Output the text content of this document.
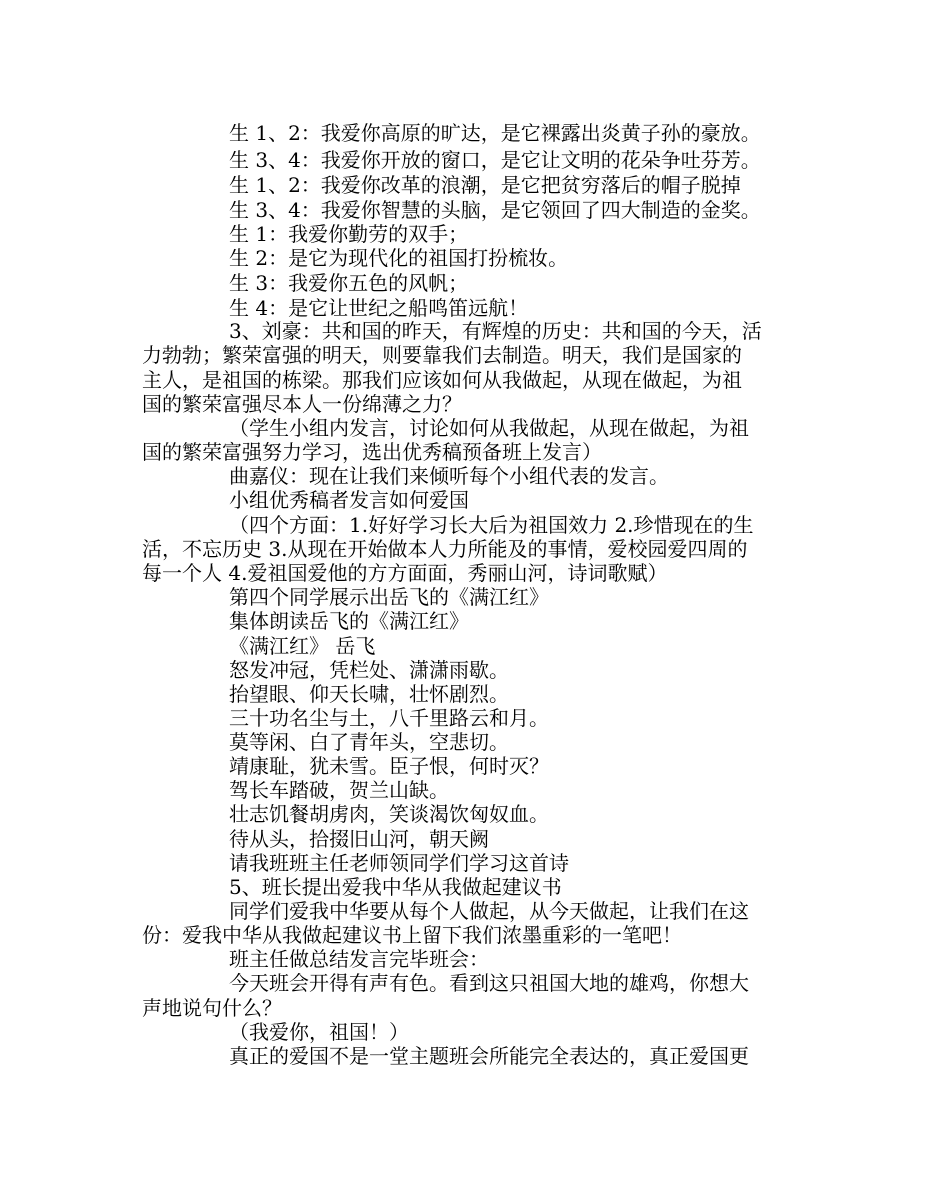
生 1、2：我爱你高原的旷达，是它裸露出炎黄子孙的豪放。
生 3、4：我爱你开放的窗口，是它让文明的花朵争吐芬芳。
生 1、2：我爱你改革的浪潮，是它把贫穷落后的帽子脱掉
生 3、4：我爱你智慧的头脑，是它领回了四大制造的金奖。
生 1：我爱你勤劳的双手；
生 2：是它为现代化的祖国打扮梳妆。
生 3：我爱你五色的风帆；
生 4：是它让世纪之船鸣笛远航！
3、刘豪：共和国的昨天，有辉煌的历史：共和国的今天，活
力勃勃；繁荣富强的明天，则要靠我们去制造。明天，我们是国家的
主人，是祖国的栋梁。那我们应该如何从我做起，从现在做起，为祖
国的繁荣富强尽本人一份绵薄之力？
（学生小组内发言，讨论如何从我做起，从现在做起，为祖
国的繁荣富强努力学习，选出优秀稿预备班上发言）
曲嘉仪：现在让我们来倾听每个小组代表的发言。
小组优秀稿者发言如何爱国
（四个方面：1.好好学习长大后为祖国效力 2.珍惜现在的生
活，不忘历史 3.从现在开始做本人力所能及的事情，爱校园爱四周的
每一个人 4.爱祖国爱他的方方面面，秀丽山河，诗词歌赋）
第四个同学展示出岳飞的《满江红》
集体朗读岳飞的《满江红》
《满江红》 岳飞
怒发冲冠，凭栏处、潇潇雨歇。
抬望眼、仰天长啸，壮怀剧烈。
三十功名尘与土，八千里路云和月。
莫等闲、白了青年头，空悲切。
靖康耻，犹未雪。臣子恨，何时灭？
驾长车踏破，贺兰山缺。
壮志饥餐胡虏肉，笑谈渴饮匈奴血。
待从头，拾掇旧山河，朝天阙
请我班班主任老师领同学们学习这首诗
5、班长提出爱我中华从我做起建议书
同学们爱我中华要从每个人做起，从今天做起，让我们在这
份：爱我中华从我做起建议书上留下我们浓墨重彩的一笔吧！
班主任做总结发言完毕班会：
今天班会开得有声有色。看到这只祖国大地的雄鸡，你想大
声地说句什么？
（我爱你，祖国！）
真正的爱国不是一堂主题班会所能完全表达的，真正爱国更
